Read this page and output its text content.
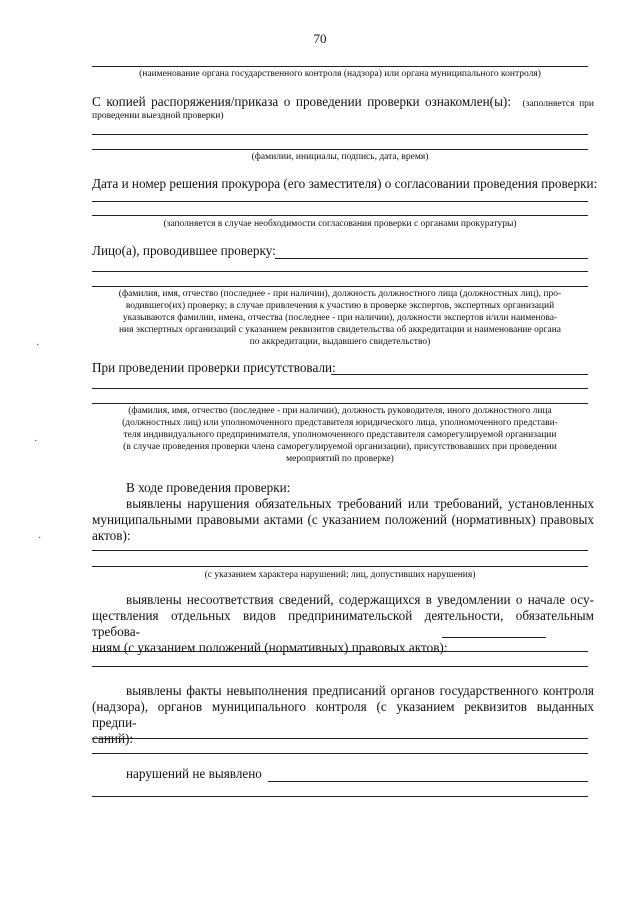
70
(наименование органа государственного контроля (надзора) или органа муниципального контроля)
С копией распоряжения/приказа о проведении проверки ознакомлен(ы): (заполняется при
проведении выездной проверки)
(фамилии, инициалы, подпись, дата, время)
Дата и номер решения прокурора (его заместителя) о согласовании проведения проверки:
(заполняется в случае необходимости согласования проверки с органами прокуратуры)
Лицо(а), проводившее проверку:
(фамилия, имя, отчество (последнее - при наличии), должность должностного лица (должностных лиц), про-
водившего(их) проверку; в случае привлечения к участию в проверке экспертов, экспертных организаций
указываются фамилии, имена, отчества (последнее - при наличии), должности экспертов и/или наименова-
ния экспертных организаций с указанием реквизитов свидетельства об аккредитации и наименование органа
по аккредитации, выдавшего свидетельство)
При проведении проверки присутствовали:
(фамилия, имя, отчество (последнее - при наличии), должность руководителя, иного должностного лица
(должностных лиц) или уполномоченного представителя юридического лица, уполномоченного представи-
теля индивидуального предпринимателя, уполномоченного представителя саморегулируемой организации
(в случае проведения проверки члена саморегулируемой организации), присутствовавших при проведении
мероприятий по проверке)
В ходе проведения проверки:
выявлены нарушения обязательных требований или требований, установленных
муниципальными правовыми актами (с указанием положений (нормативных) правовых
актов):
(с указанием характера нарушений; лиц, допустивших нарушения)
выявлены несоответствия сведений, содержащихся в уведомлении о начале осу-
ществления отдельных видов предпринимательской деятельности, обязательным требова-
ниям (с указанием положений (нормативных) правовых актов):
выявлены факты невыполнения предписаний органов государственного контроля
(надзора), органов муниципального контроля (с указанием реквизитов выданных предпи-
саний):
нарушений не выявлено
·
·
·
